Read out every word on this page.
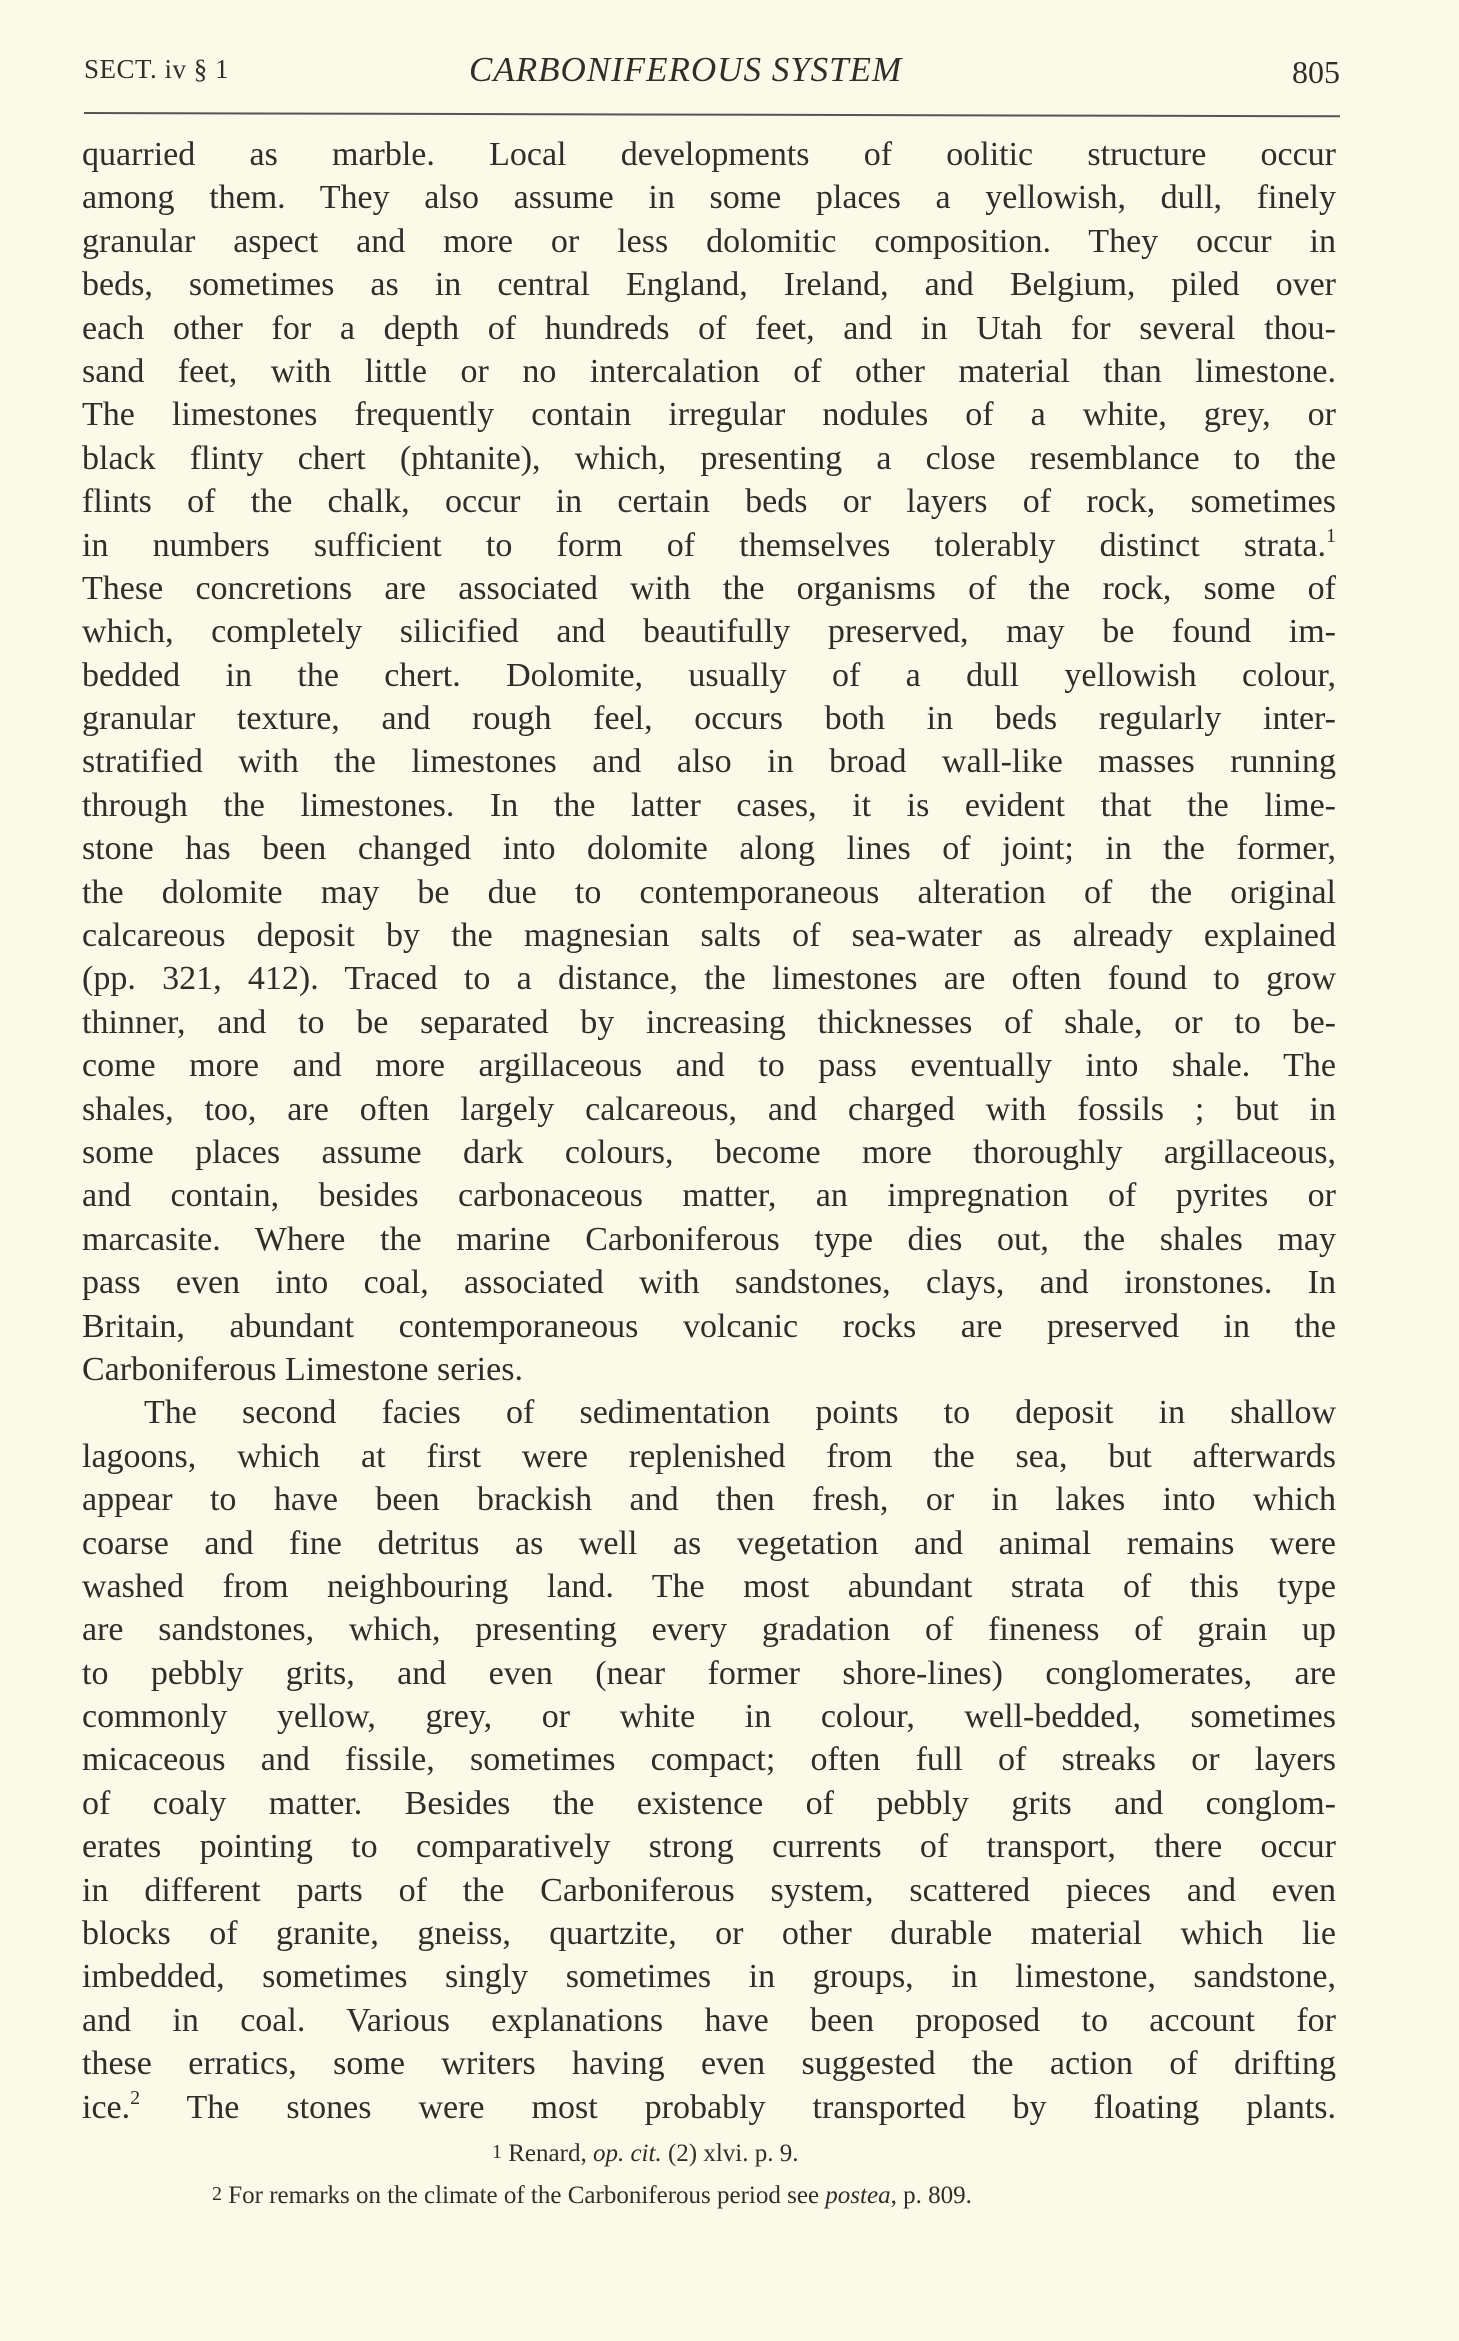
SECT. iv § 1	CARBONIFEROUS SYSTEM	805
quarried as marble. Local developments of oolitic structure occur
among them. They also assume in some places a yellowish, dull, finely
granular aspect and more or less dolomitic composition. They occur in
beds, sometimes as in central England, Ireland, and Belgium, piled over
each other for a depth of hundreds of feet, and in Utah for several thou-
sand feet, with little or no intercalation of other material than limestone.
The limestones frequently contain irregular nodules of a white, grey, or
black flinty chert (phtanite), which, presenting a close resemblance to the
flints of the chalk, occur in certain beds or layers of rock, sometimes
in numbers sufficient to form of themselves tolerably distinct strata.$^1$
These concretions are associated with the organisms of the rock, some of
which, completely silicified and beautifully preserved, may be found im-
bedded in the chert. Dolomite, usually of a dull yellowish colour,
granular texture, and rough feel, occurs both in beds regularly inter-
stratified with the limestones and also in broad wall-like masses running
through the limestones. In the latter cases, it is evident that the lime-
stone has been changed into dolomite along lines of joint; in the former,
the dolomite may be due to contemporaneous alteration of the original
calcareous deposit by the magnesian salts of sea-water as already explained
(pp. 321, 412). Traced to a distance, the limestones are often found to grow
thinner, and to be separated by increasing thicknesses of shale, or to be-
come more and more argillaceous and to pass eventually into shale. The
shales, too, are often largely calcareous, and charged with fossils ; but in
some places assume dark colours, become more thoroughly argillaceous,
and contain, besides carbonaceous matter, an impregnation of pyrites or
marcasite. Where the marine Carboniferous type dies out, the shales may
pass even into coal, associated with sandstones, clays, and ironstones. In
Britain, abundant contemporaneous volcanic rocks are preserved in the
Carboniferous Limestone series.
The second facies of sedimentation points to deposit in shallow
lagoons, which at first were replenished from the sea, but afterwards
appear to have been brackish and then fresh, or in lakes into which
coarse and fine detritus as well as vegetation and animal remains were
washed from neighbouring land. The most abundant strata of this type
are sandstones, which, presenting every gradation of fineness of grain up
to pebbly grits, and even (near former shore-lines) conglomerates, are
commonly yellow, grey, or white in colour, well-bedded, sometimes
micaceous and fissile, sometimes compact; often full of streaks or layers
of coaly matter. Besides the existence of pebbly grits and conglom-
erates pointing to comparatively strong currents of transport, there occur
in different parts of the Carboniferous system, scattered pieces and even
blocks of granite, gneiss, quartzite, or other durable material which lie
imbedded, sometimes singly sometimes in groups, in limestone, sandstone,
and in coal. Various explanations have been proposed to account for
these erratics, some writers having even suggested the action of drifting
ice.$^2$ The stones were most probably transported by floating plants.
$^1$ Renard, op. cit. (2) xlvi. p. 9.
$^2$ For remarks on the climate of the Carboniferous period see postea, p. 809.
